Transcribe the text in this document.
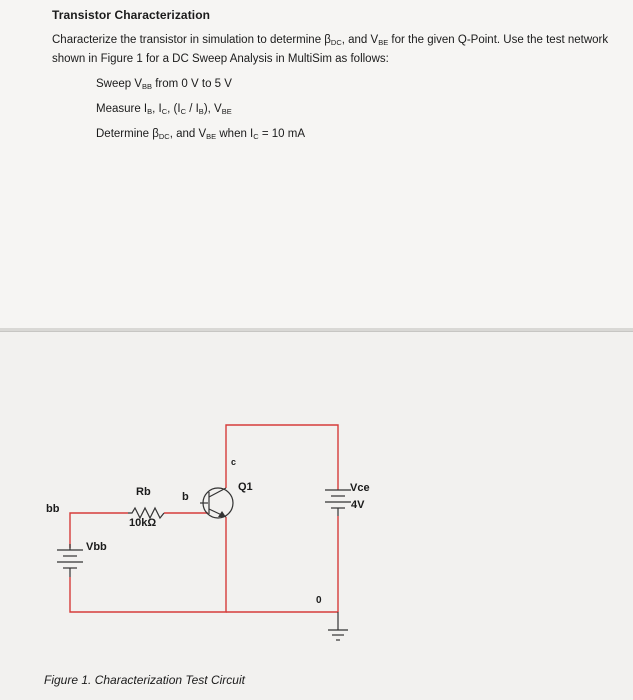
Transistor Characterization
Characterize the transistor in simulation to determine $\beta_{DC}$, and $V_{BE}$ for the given Q-Point. Use the test network shown in Figure 1 for a DC Sweep Analysis in MultiSim as follows:
Sweep $V_{BB}$ from 0 V to 5 V
Measure $I_B$, $I_C$, $(I_C / I_B)$, $V_{BE}$
Determine $\beta_{DC}$, and $V_{BE}$ when $I_C = 10$ mA
bb
Vbb
Rb
10kΩ
b
c
Q1	Vce
4V
0
Figure 1. Characterization Test Circuit
